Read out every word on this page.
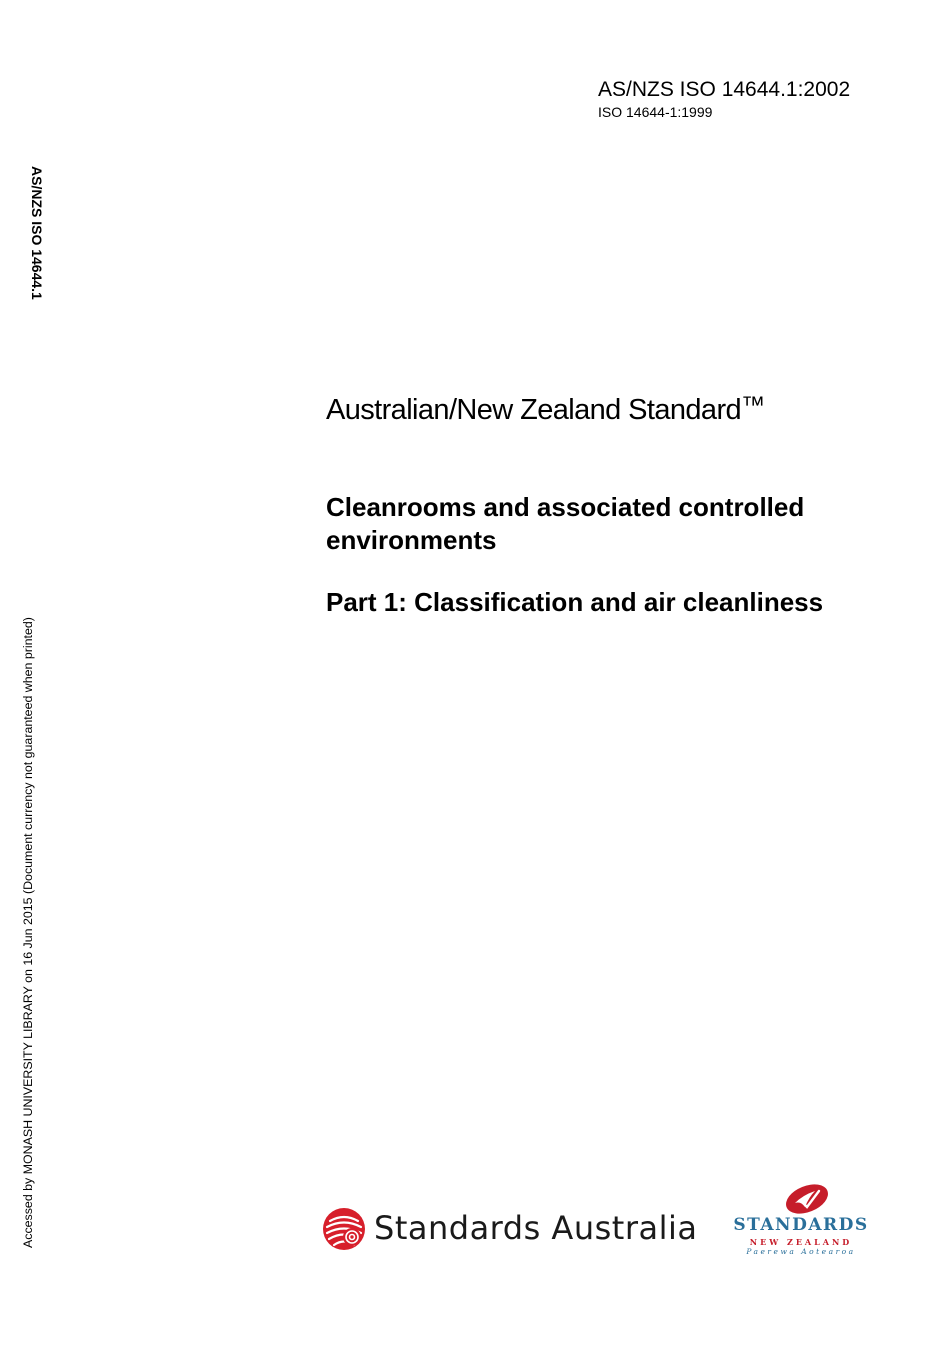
AS/NZS ISO 14644.1:2002
ISO 14644-1:1999
AS/NZS ISO 14644.1
Accessed by MONASH UNIVERSITY LIBRARY on 16 Jun 2015 (Document currency not guaranteed when printed)
Australian/New Zealand Standard™
Cleanrooms and associated controlled environments
Part 1: Classification and air cleanliness
Standards Australia STANDARDS
NEW ZEALAND
Paerewa Aotearoa
